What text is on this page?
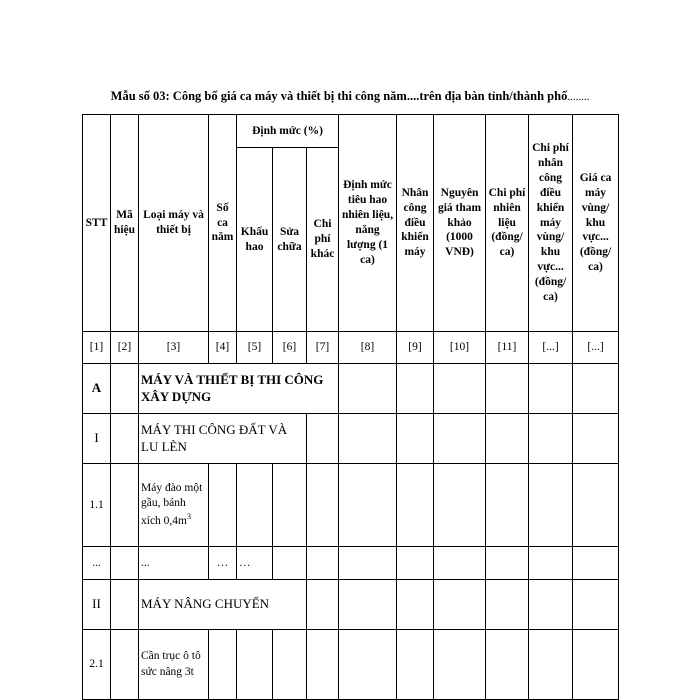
Mẫu số 03: Công bố giá ca máy và thiết bị thi công năm....trên địa bàn tỉnh/thành phố........
STT	Mã hiệu	Loại máy và thiết bị	Số ca năm	Định mức (%)			Định mức tiêu hao nhiên liệu, năng lượng (1 ca)	Nhân công điều khiển máy	Nguyên giá tham khảo (1000 VNĐ)	Chi phí nhiên liệu (đồng/ ca)	Chi phí nhân công điều khiển máy vùng/ khu vực... (đồng/ ca)	Giá ca máy vùng/ khu vực... (đồng/ ca)
				Khấu hao	Sửa chữa	Chi phí khác						
[1]	[2]	[3]	[4]	[5]	[6]	[7]	[8]	[9]	[10]	[11]	[...]	[...]
A		MÁY VÀ THIẾT BỊ THI CÔNG XÂY DỰNG										
I		MÁY THI CÔNG ĐẤT VÀ LU LÈN										
1.1		Máy đào một gầu, bánh xích $0,4m^3$										
...		...	…	…								
II		MÁY NÂNG CHUYỂN										
2.1		Cần trục ô tô sức nâng 3t										
